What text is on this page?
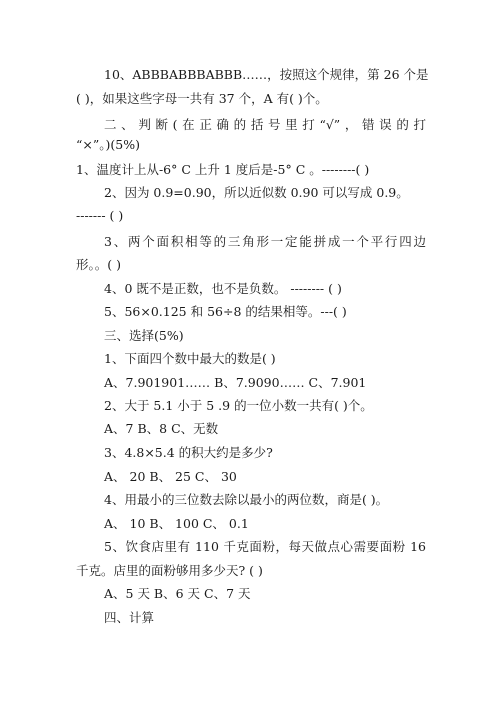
10、ABBBABBBABBB……，按照这个规律，第 26 个是
( )，如果这些字母一共有 37 个，A 有( )个。
二、判断(在正确的括号里打“√”，错误的打
“×”。)(5%)
1、温度计上从-6° C 上升 1 度后是-5° C 。--------( )
2、因为 0.9=0.90，所以近似数 0.90 可以写成 0.9。
------- ( )
3、两个面积相等的三角形一定能拼成一个平行四边
形。。( )
4、0 既不是正数，也不是负数。 -------- ( )
5、56×0.125 和 56÷8 的结果相等。---( )
三、选择(5%)
1、下面四个数中最大的数是( )
A、7.901901…… B、7.9090…… C、7.901
2、大于 5.1 小于 5 .9 的一位小数一共有( )个。
A、7 B、8 C、无数
3、4.8×5.4 的积大约是多少?
A、 20 B、 25 C、 30
4、用最小的三位数去除以最小的两位数，商是( )。
A、 10 B、 100 C、 0.1
5、饮食店里有 110 千克面粉，每天做点心需要面粉 16
千克。店里的面粉够用多少天? ( )
A、5 天 B、6 天 C、7 天
四、计算
